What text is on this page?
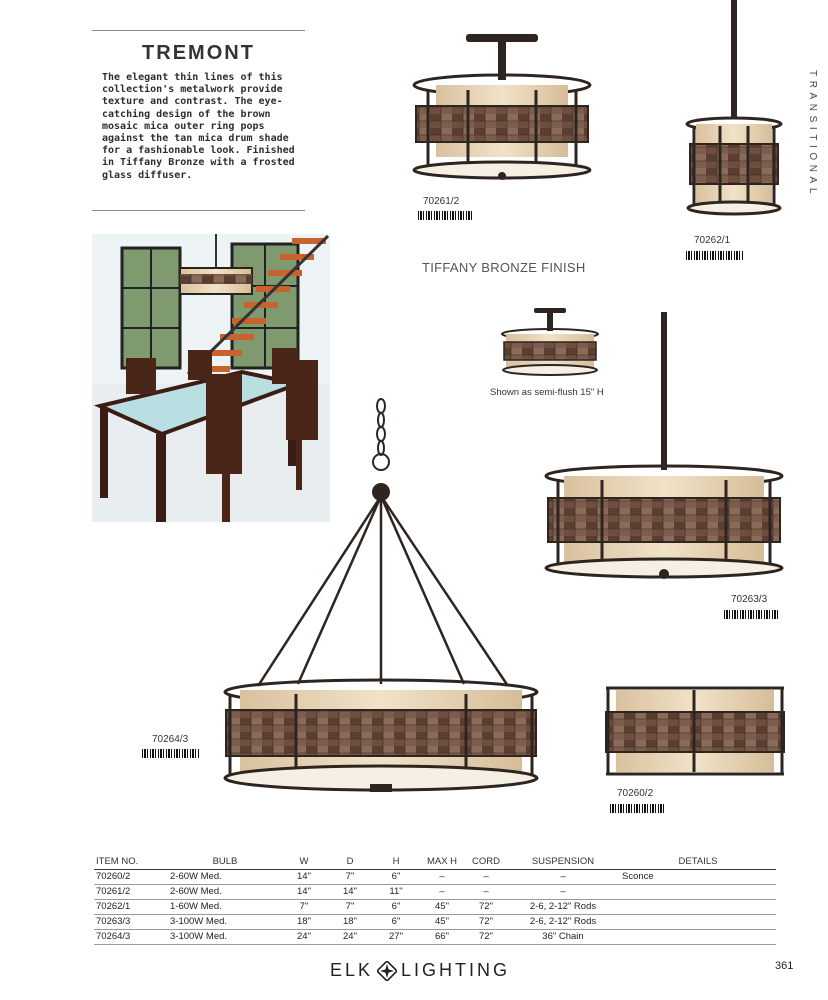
TREMONT
The elegant thin lines of this collection's metalwork provide texture and contrast. The eye-catching design of the brown mosaic mica outer ring pops against the tan mica drum shade for a fashionable look. Finished in Tiffany Bronze with a frosted glass diffuser.	TRANSITIONAL
70261/2
70262/1
TIFFANY BRONZE FINISH
Shown as semi-flush 15" H
70263/3
70264/3
70260/2
ITEM NO.	BULB	W	D	H	MAX H	CORD	SUSPENSION	DETAILS
70260/2	2-60W Med.	14"	7"	6"	–	–	–	Sconce
70261/2	2-60W Med.	14"	14"	11"	–	–	–	
70262/1	1-60W Med.	7"	7"	6"	45"	72"	2-6, 2-12" Rods	
70263/3	3-100W Med.	18"	18"	6"	45"	72"	2-6, 2-12" Rods	
70264/3	3-100W Med.	24"	24"	27"	66"	72"	36" Chain	
ELK LIGHTING	361
